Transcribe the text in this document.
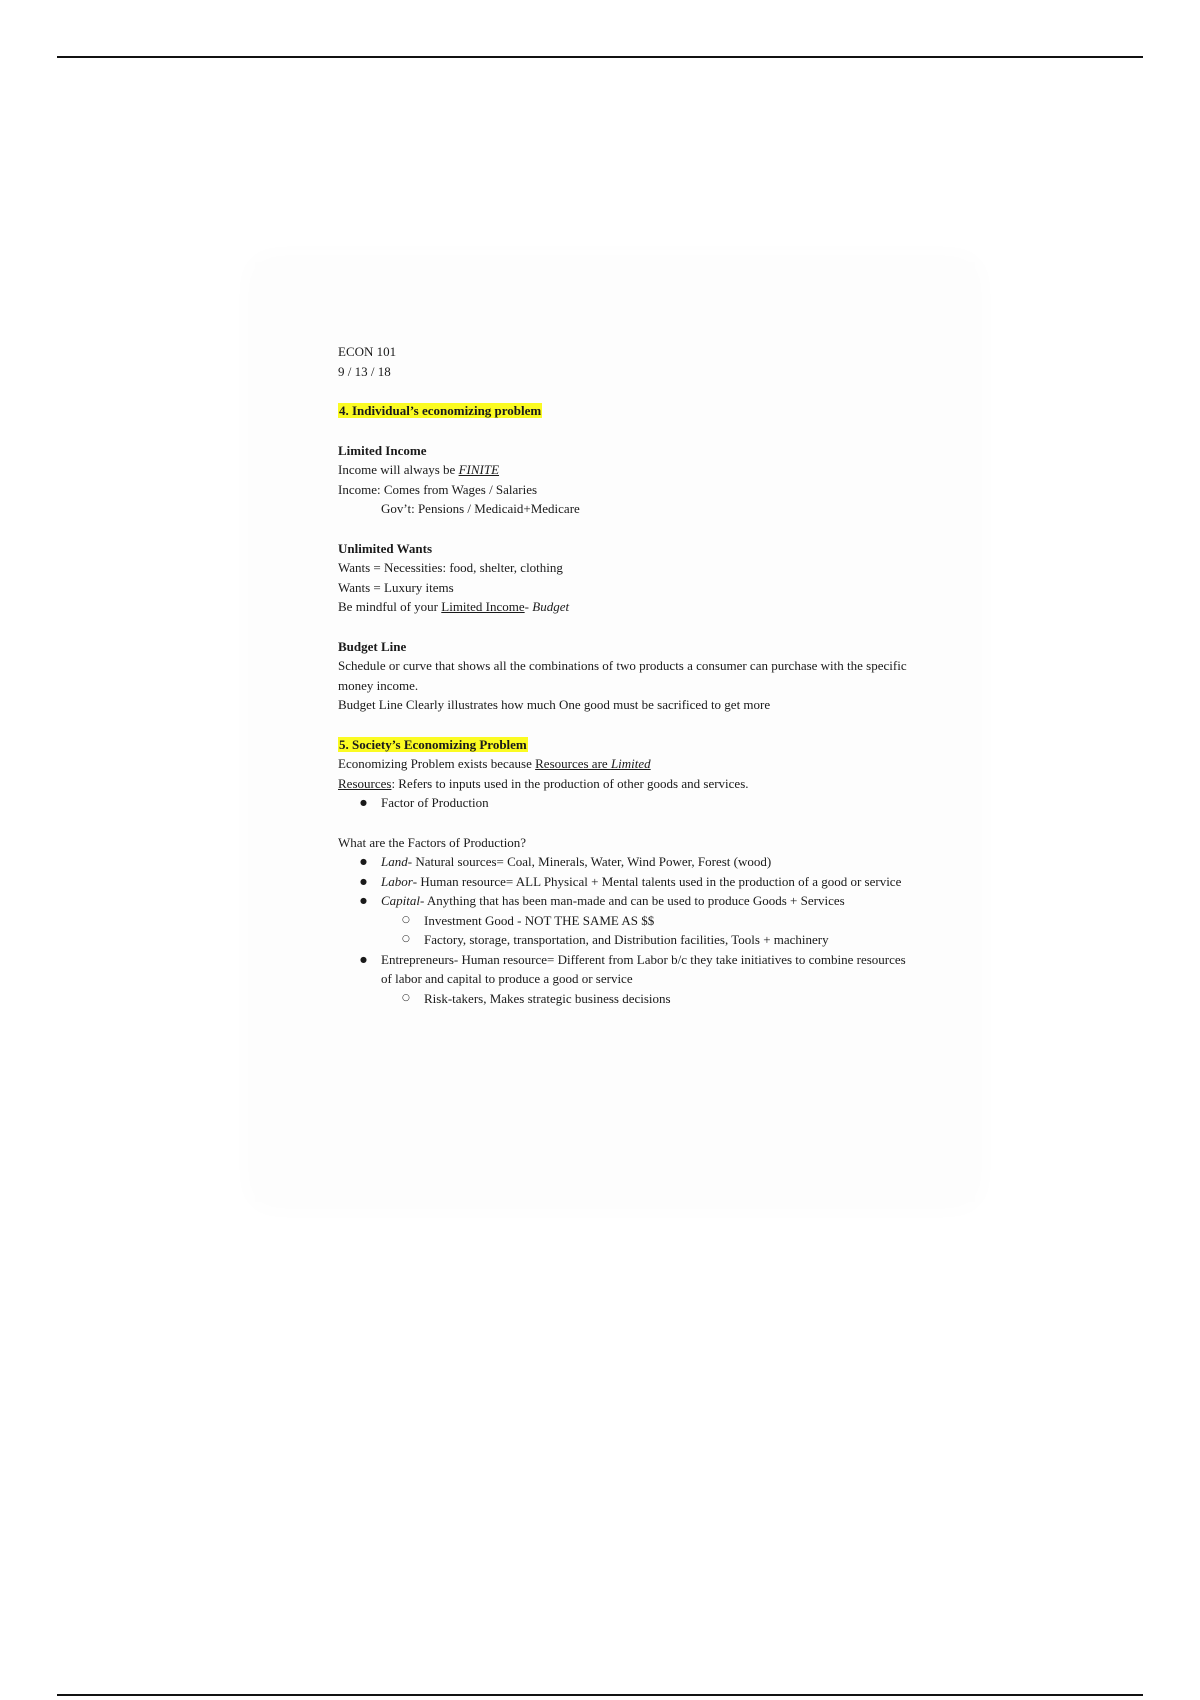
ECON 101

9 / 13 / 18

4. Individual’s economizing problem

Limited Income

Income will always be FINITE

Income: Comes from Wages / Salaries

Gov’t: Pensions / Medicaid+Medicare

Unlimited Wants

Wants = Necessities: food, shelter, clothing

Wants = Luxury items

Be mindful of your Limited Income- Budget

Budget Line

Schedule or curve that shows all the combinations of two products a consumer can purchase with the specific money income.

Budget Line Clearly illustrates how much One good must be sacrificed to get more

5. Society’s Economizing Problem

Economizing Problem exists because Resources are Limited

Resources: Refers to inputs used in the production of other goods and services.

● Factor of Production

What are the Factors of Production?

● Land- Natural sources= Coal, Minerals, Water, Wind Power, Forest (wood)
● Labor- Human resource= ALL Physical + Mental talents used in the production of a good or service
● Capital- Anything that has been man-made and can be used to produce Goods + Services
○ Investment Good - NOT THE SAME AS $$
○ Factory, storage, transportation, and Distribution facilities, Tools + machinery
● Entrepreneurs- Human resource= Different from Labor b/c they take initiatives to combine resources of labor and capital to produce a good or service
○ Risk-takers, Makes strategic business decisions
